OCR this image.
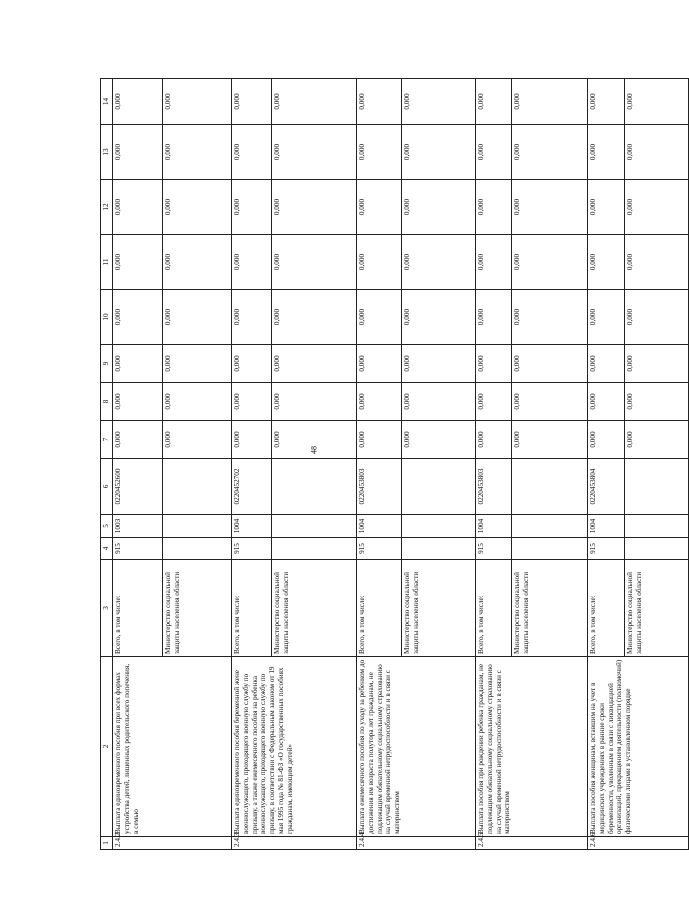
48
1	2	3	4	5	6	7	8	9	10	11	12	13	14
2.4.2	Выплата единовременного пособия при всех формах устройства детей, лишенных родительского попечения, в семью	Всего, в том числе:	915	1003	0220452600	0,000	0,000	0,000	0,000	0,000	0,000	0,000	0,000
		Министерство социальной защиты населения области				0,000	0,000	0,000	0,000	0,000	0,000	0,000	0,000
2.4.3	Выплата единовременного пособия беременной жене военнослужащего, проходящего военную службу по призыву, а также ежемесячного пособия на ребенка военнослужащего, проходящего военную службу по призыву, в соответствии с Федеральным законом от 19 мая 1995 года № 81-ФЗ «О государственных пособиях гражданам, имеющим детей»	Всего, в том числе:	915	1004	0220452702	0,000	0,000	0,000	0,000	0,000	0,000	0,000	0,000
		Министерство социальной защиты населения области				0,000	0,000	0,000	0,000	0,000	0,000	0,000	0,000
2.4.4	Выплата ежемесячного пособия по уходу за ребенком до достижения им возраста полутора лет гражданам, не подлежащим обязательному социальному страхованию на случай временной нетрудоспособности и в связи с материнством	Всего, в том числе:	915	1004	0220453803	0,000	0,000	0,000	0,000	0,000	0,000	0,000	0,000
		Министерство социальной защиты населения области				0,000	0,000	0,000	0,000	0,000	0,000	0,000	0,000
2.4.5	Выплата пособия при рождении ребенка гражданам, не подлежащим обязательному социальному страхованию на случай временной нетрудоспособности и в связи с материнством	Всего, в том числе:	915	1004	0220453803	0,000	0,000	0,000	0,000	0,000	0,000	0,000	0,000
		Министерство социальной защиты населения области				0,000	0,000	0,000	0,000	0,000	0,000	0,000	0,000
2.4.6	Выплата пособия женщинам, вставшим на учет в медицинских учреждениях в ранние сроки беременности, уволенным в связи с ликвидацией организаций, прекращением деятельности (полномочий) физическими лицами в установленном порядке	Всего, в том числе:	915	1004	0220453804	0,000	0,000	0,000	0,000	0,000	0,000	0,000	0,000
		Министерство социальной защиты населения области				0,000	0,000	0,000	0,000	0,000	0,000	0,000	0,000
